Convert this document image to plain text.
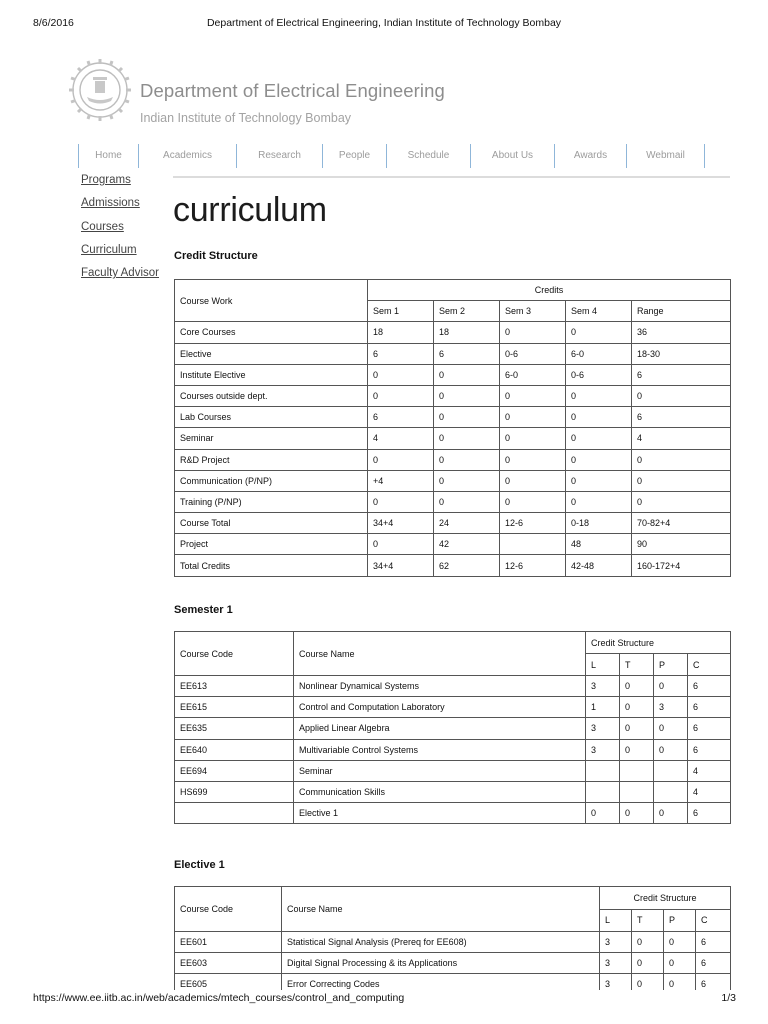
8/6/2016	Department of Electrical Engineering, Indian Institute of Technology Bombay
Department of Electrical Engineering
Indian Institute of Technology Bombay
Home	Academics	Research	People	Schedule	About Us	Awards	Webmail
Programs
Admissions
Courses
Curriculum
Faculty Advisor
curriculum
Credit Structure
Course Work	Credits				
	Sem 1	Sem 2	Sem 3	Sem 4	Range
Core Courses	18	18	0	0	36
Elective	6	6	0-6	6-0	18-30
Institute Elective	0	0	6-0	0-6	6
Courses outside dept.	0	0	0	0	0
Lab Courses	6	0	0	0	6
Seminar	4	0	0	0	4
R&D Project	0	0	0	0	0
Communication (P/NP)	+4	0	0	0	0
Training (P/NP)	0	0	0	0	0
Course Total	34+4	24	12-6	0-18	70-82+4
Project	0	42		48	90
Total Credits	34+4	62	12-6	42-48	160-172+4
Semester 1
Course Code	Course Name	Credit Structure			
		L	T	P	C
EE613	Nonlinear Dynamical Systems	3	0	0	6
EE615	Control and Computation Laboratory	1	0	3	6
EE635	Applied Linear Algebra	3	0	0	6
EE640	Multivariable Control Systems	3	0	0	6
EE694	Seminar				4
HS699	Communication Skills				4
	Elective 1	0	0	0	6
Elective 1
Course Code	Course Name	Credit Structure			
		L	T	P	C
EE601	Statistical Signal Analysis (Prereq for EE608)	3	0	0	6
EE603	Digital Signal Processing & its Applications	3	0	0	6
EE605	Error Correcting Codes	3	0	0	6
https://www.ee.iitb.ac.in/web/academics/mtech_courses/control_and_computing	1/3
